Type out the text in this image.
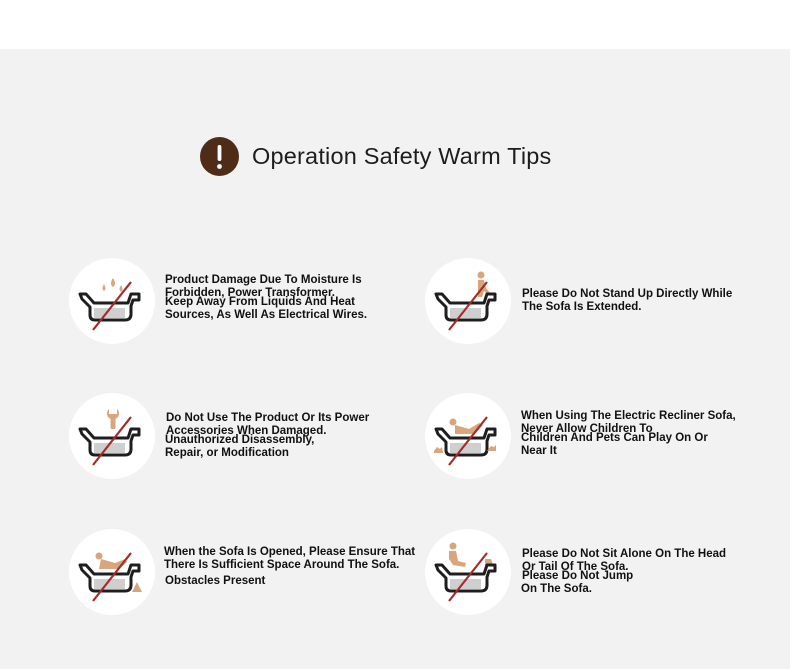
Operation Safety Warm Tips
Product Damage Due To Moisture Is
Forbidden, Power Transformer.
Keep Away From Liquids And Heat
Sources, As Well As Electrical Wires.
Please Do Not Stand Up Directly While
The Sofa Is Extended.
Do Not Use The Product Or Its Power
Accessories When Damaged.
Unauthorized Disassembly,
Repair, or Modification
When Using The Electric Recliner Sofa,
Never Allow Children To
Children And Pets Can Play On Or
Near It
When the Sofa Is Opened, Please Ensure That
There Is Sufficient Space Around The Sofa.
Obstacles Present
Please Do Not Sit Alone On The Head
Or Tail Of The Sofa.
Please Do Not Jump
On The Sofa.
